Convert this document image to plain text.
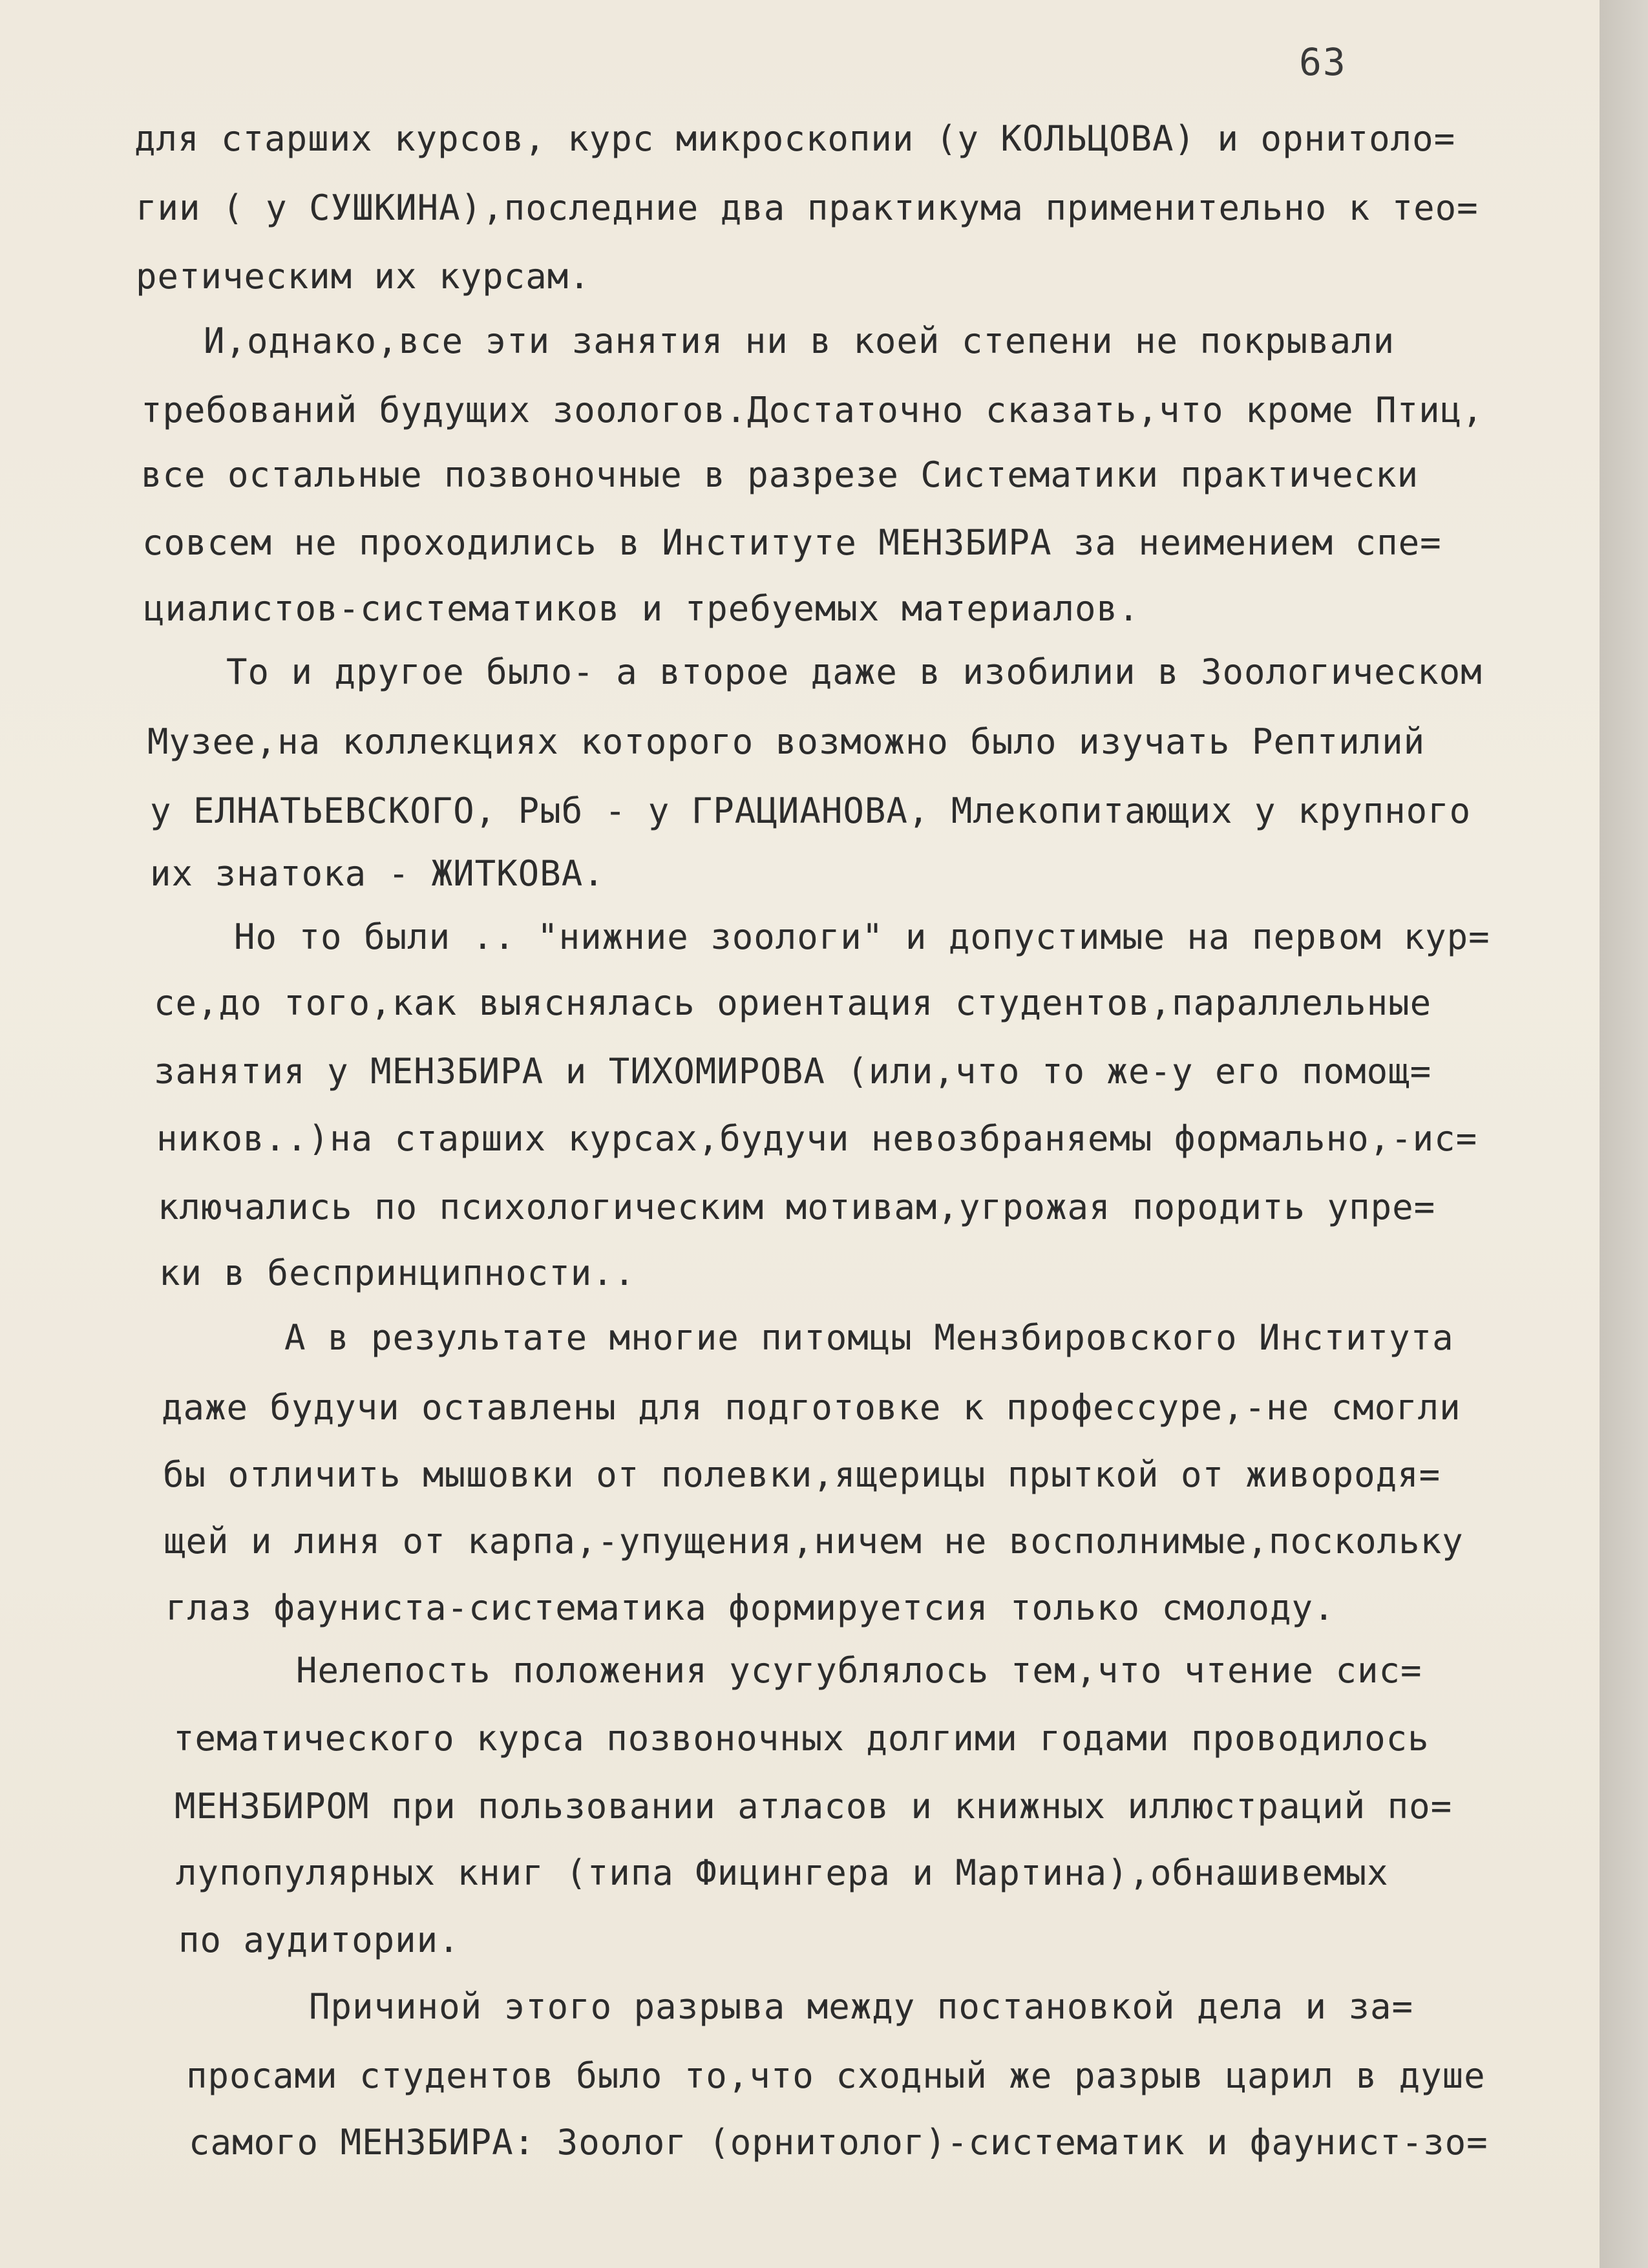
63
для старших курсов, курс микроскопии (у КОЛЬЦОВА) и орнитоло=
гии ( у СУШКИНА),последние два практикума применительно к тео=
ретическим их курсам.
И,однако,все эти занятия ни в коей степени не покрывали
требований будущих зоологов.Достаточно сказать,что кроме Птиц,
все остальные позвоночные в разрезе Систематики практически
совсем не проходились в Институте МЕНЗБИРА за неимением спе=
циалистов-систематиков и требуемых материалов.
То и другое было- а второе даже в изобилии в Зоологическом
Музее,на коллекциях которого возможно было изучать Рептилий
у ЕЛНАТЬЕВСКОГО, Рыб - у ГРАЦИАНОВА, Млекопитающих у крупного
их знатока - ЖИТКОВА.
Но то были .. "нижние зоологи" и допустимые на первом кур=
се,до того,как выяснялась ориентация студентов,параллельные
занятия у МЕНЗБИРА и ТИХОМИРОВА (или,что то же-у его помощ=
ников..)на старших курсах,будучи невозбраняемы формально,-ис=
ключались по психологическим мотивам,угрожая породить упре=
ки в беспринципности..
А в результате многие питомцы Мензбировского Института
даже будучи оставлены для подготовке к профессуре,-не смогли
бы отличить мышовки от полевки,ящерицы прыткой от живородя=
щей и линя от карпа,-упущения,ничем не восполнимые,поскольку
глаз фауниста-систематика формируетсия только смолоду.
Нелепость положения усугублялось тем,что чтение сис=
тематического курса позвоночных долгими годами проводилось
МЕНЗБИРОМ при пользовании атласов и книжных иллюстраций по=
лупопулярных книг (типа Фицингера и Мартина),обнашивемых
по аудитории.
Причиной этого разрыва между постановкой дела и за=
просами студентов было то,что сходный же разрыв царил в душе
самого МЕНЗБИРА: Зоолог (орнитолог)-систематик и фаунист-зо=
